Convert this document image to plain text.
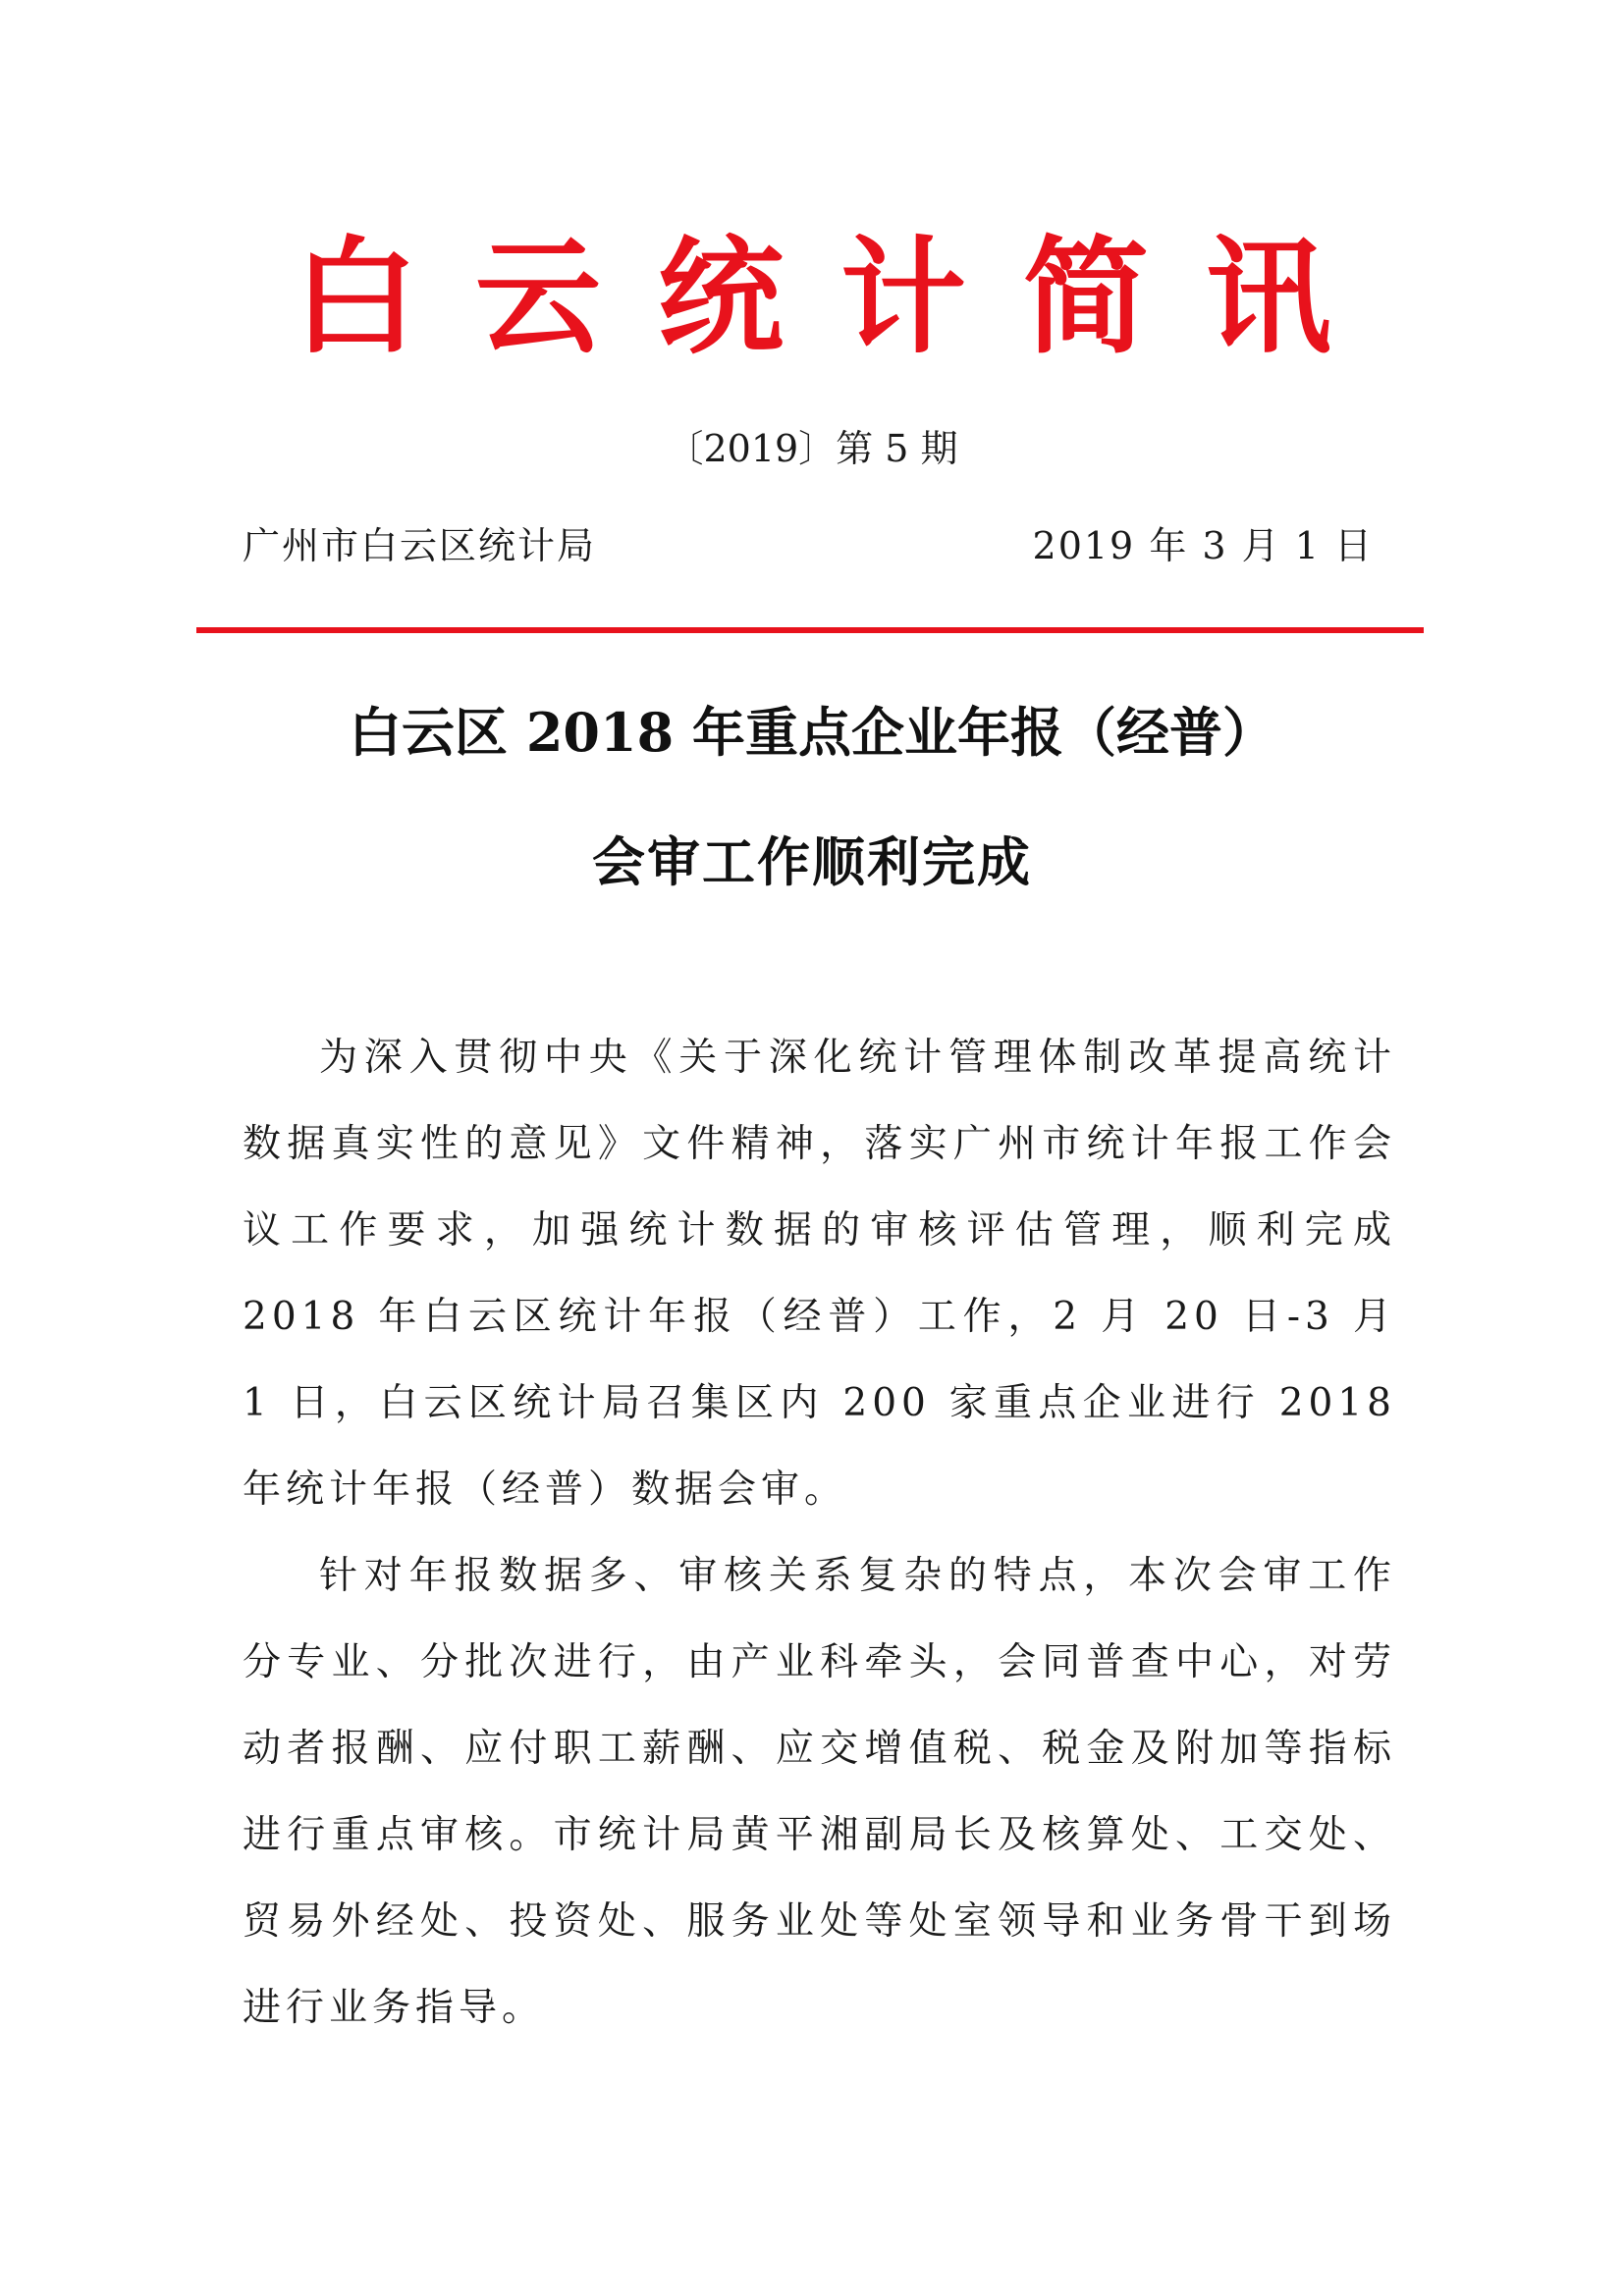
白云统计简讯
〔2019〕第 5 期
广州市白云区统计局	2019 年 3 月 1 日
白云区 2018 年重点企业年报（经普）
会审工作顺利完成

为深入贯彻中央《关于深化统计管理体制改革提高统计数据真实性的意见》文件精神，落实广州市统计年报工作会议工作要求，加强统计数据的审核评估管理，顺利完成 2018 年白云区统计年报（经普）工作，2 月 20 日-3 月 1 日，白云区统计局召集区内 200 家重点企业进行 2018 年统计年报（经普）数据会审。

针对年报数据多、审核关系复杂的特点，本次会审工作分专业、分批次进行，由产业科牵头，会同普查中心，对劳动者报酬、应付职工薪酬、应交增值税、税金及附加等指标进行重点审核。市统计局黄平湘副局长及核算处、工交处、贸易外经处、投资处、服务业处等处室领导和业务骨干到场进行业务指导。
